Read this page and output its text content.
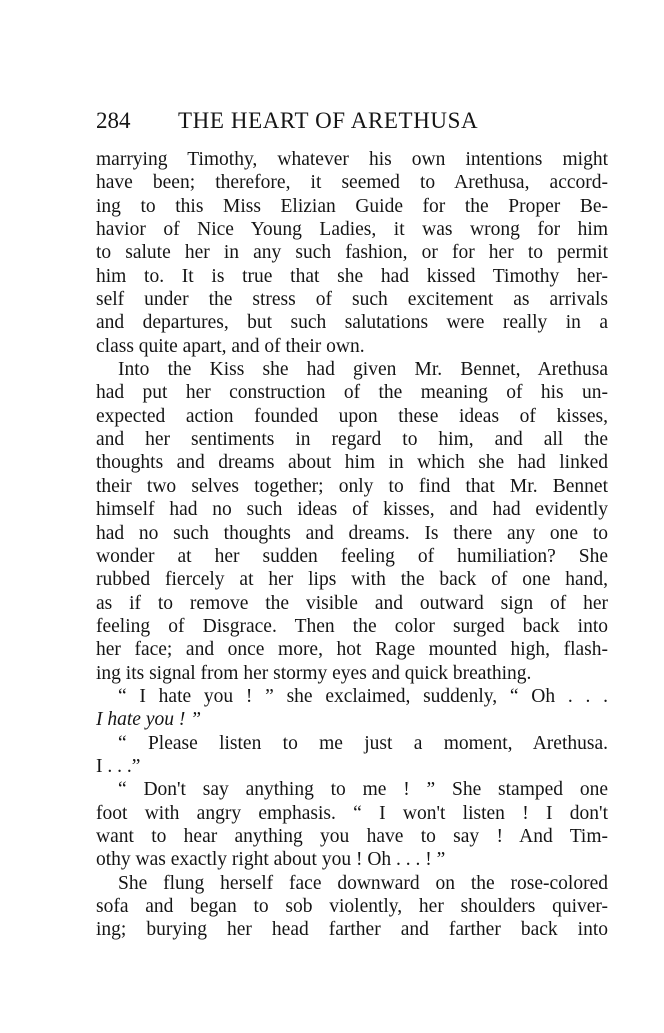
284 THE HEART OF ARETHUSA
marrying Timothy, whatever his own intentions might
have been; therefore, it seemed to Arethusa, accord-
ing to this Miss Elizian Guide for the Proper Be-
havior of Nice Young Ladies, it was wrong for him
to salute her in any such fashion, or for her to permit
him to. It is true that she had kissed Timothy her-
self under the stress of such excitement as arrivals
and departures, but such salutations were really in a
class quite apart, and of their own.
Into the Kiss she had given Mr. Bennet, Arethusa
had put her construction of the meaning of his un-
expected action founded upon these ideas of kisses,
and her sentiments in regard to him, and all the
thoughts and dreams about him in which she had linked
their two selves together; only to find that Mr. Bennet
himself had no such ideas of kisses, and had evidently
had no such thoughts and dreams. Is there any one to
wonder at her sudden feeling of humiliation? She
rubbed fiercely at her lips with the back of one hand,
as if to remove the visible and outward sign of her
feeling of Disgrace. Then the color surged back into
her face; and once more, hot Rage mounted high, flash-
ing its signal from her stormy eyes and quick breathing.
“ I hate you ! ” she exclaimed, suddenly, “ Oh . . .
I hate you ! ”
“ Please listen to me just a moment, Arethusa.
I . . .”
“ Don't say anything to me ! ” She stamped one
foot with angry emphasis. “ I won't listen ! I don't
want to hear anything you have to say ! And Tim-
othy was exactly right about you ! Oh . . . ! ”
She flung herself face downward on the rose-colored
sofa and began to sob violently, her shoulders quiver-
ing; burying her head farther and farther back into
